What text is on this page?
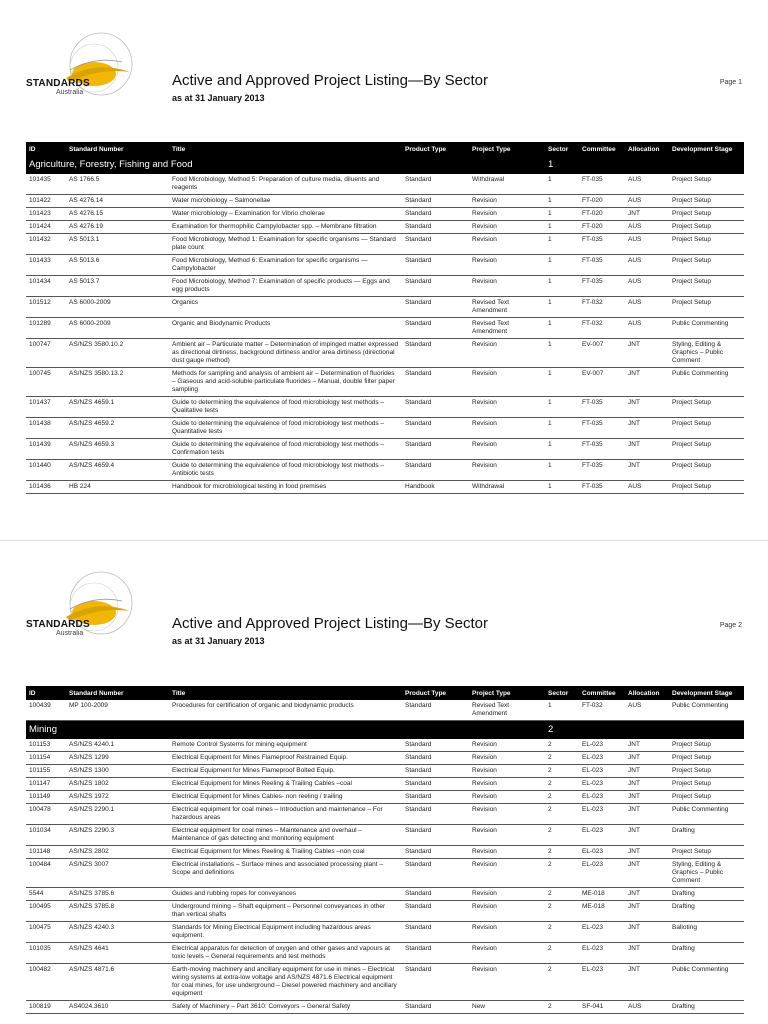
STANDARDS
Australia
Active and Approved Project Listing—By Sector
as at 31 January 2013
Page 1
ID	Standard Number	Title	Product Type	Project Type	Sector	Committee	Allocation	Development Stage
Agriculture, Forestry, Fishing and Food					1			
101435	AS 1766.5	Food Microbiology, Method 5: Preparation of culture media, diluents and reagents	Standard	Withdrawal	1	FT-035	AUS	Project Setup
101422	AS 4276.14	Water microbiology – Salmonellae	Standard	Revision	1	FT-020	AUS	Project Setup
101423	AS 4276.15	Water microbiology – Examination for Vibrio cholerae	Standard	Revision	1	FT-020	JNT	Project Setup
101424	AS 4276.19	Examination for thermophilic Campylobacter spp. – Membrane filtration	Standard	Revision	1	FT-020	AUS	Project Setup
101432	AS 5013.1	Food Microbiology, Method 1: Examination for specific organisms — Standard plate count	Standard	Revision	1	FT-035	AUS	Project Setup
101433	AS 5013.6	Food Microbiology, Method 6: Examination for specific organisms — Campylobacter	Standard	Revision	1	FT-035	AUS	Project Setup
101434	AS 5013.7	Food Microbiology, Method 7: Examination of specific products — Eggs and egg products	Standard	Revision	1	FT-035	AUS	Project Setup
101512	AS 6000-2009	Organics	Standard	Revised Text Amendment	1	FT-032	AUS	Project Setup
101289	AS 6000-2009	Organic and Biodynamic Products	Standard	Revised Text Amendment	1	FT-032	AUS	Public Commenting
100747	AS/NZS 3580.10.2	Ambient air – Particulate matter – Determination of impinged matter expressed as directional dirtiness, background dirtiness and/or area dirtiness (directional dust gauge method)	Standard	Revision	1	EV-007	JNT	Styling, Editing & Graphics – Public Comment
100745	AS/NZS 3580.13.2	Methods for sampling and analysis of ambient air – Determination of fluorides – Gaseous and acid-soluble particulate fluorides – Manual, double filter paper sampling	Standard	Revision	1	EV-007	JNT	Public Commenting
101437	AS/NZS 4659.1	Guide to determining the equivalence of food microbiology test methods – Qualitative tests	Standard	Revision	1	FT-035	JNT	Project Setup
101438	AS/NZS 4659.2	Guide to determining the equivalence of food microbiology test methods – Quantitative tests	Standard	Revision	1	FT-035	JNT	Project Setup
101439	AS/NZS 4659.3	Guide to determining the equivalence of food microbiology test methods – Confirmation tests	Standard	Revision	1	FT-035	JNT	Project Setup
101440	AS/NZS 4659.4	Guide to determining the equivalence of food microbiology test methods – Antibiotic tests	Standard	Revision	1	FT-035	JNT	Project Setup
101436	HB 224	Handbook for microbiological testing in food premises	Handbook	Withdrawal	1	FT-035	AUS	Project Setup
STANDARDS
Australia
Active and Approved Project Listing—By Sector
as at 31 January 2013
Page 2
ID	Standard Number	Title	Product Type	Project Type	Sector	Committee	Allocation	Development Stage
100439	MP 100-2009	Procedures for certification of organic and biodynamic products	Standard	Revised Text Amendment	1	FT-032	AUS	Public Commenting
Mining					2			
101153	AS/NZS 4240.1	Remote Control Systems for mining equipment	Standard	Revision	2	EL-023	JNT	Project Setup
101154	AS/NZS 1299	Electrical Equipment for Mines Flameproof Restrained Equip.	Standard	Revision	2	EL-023	JNT	Project Setup
101155	AS/NZS 1300	Electrical Equipment for Mines Flameproof Bolted Equip.	Standard	Revision	2	EL-023	JNT	Project Setup
101147	AS/NZS 1802	Electrical Equipment for Mines Reeling & Trailing Cables –coal	Standard	Revision	2	EL-023	JNT	Project Setup
101149	AS/NZS 1972	Electrical Equipment for Mines Cables- non reeling / trailing	Standard	Revision	2	EL-023	JNT	Project Setup
100478	AS/NZS 2290.1	Electrical equipment for coal mines – Introduction and maintenance – For hazardous areas	Standard	Revision	2	EL-023	JNT	Public Commenting
101034	AS/NZS 2290.3	Electrical equipment for coal mines – Maintenance and overhaul – Maintenance of gas detecting and monitoring equipment	Standard	Revision	2	EL-023	JNT	Drafting
101148	AS/NZS 2802	Electrical Equipment for Mines Reeling & Trailing Cables –non coal	Standard	Revision	2	EL-023	JNT	Project Setup
100484	AS/NZS 3007	Electrical installations – Surface mines and associated processing plant – Scope and definitions	Standard	Revision	2	EL-023	JNT	Styling, Editing & Graphics – Public Comment
5544	AS/NZS 3785.6	Guides and rubbing ropes for conveyances	Standard	Revision	2	ME-018	JNT	Drafting
100495	AS/NZS 3785.8	Underground mining – Shaft equipment – Personnel conveyances in other than vertical shafts	Standard	Revision	2	ME-018	JNT	Drafting
100475	AS/NZS 4240.3	Standards for Mining Electrical Equipment including hazardous areas equipment.	Standard	Revision	2	EL-023	JNT	Balloting
101035	AS/NZS 4641	Electrical apparatus for detection of oxygen and other gases and vapours at toxic levels – General requirements and test methods	Standard	Revision	2	EL-023	JNT	Drafting
100482	AS/NZS 4871.6	Earth-moving machinery and ancillary equipment for use in mines – Electrical wiring systems at extra-low voltage and AS/NZS 4871.6 Electrical equipment for coal mines, for use underground – Diesel powered machinery and ancillary equipment	Standard	Revision	2	EL-023	JNT	Public Commenting
100819	AS4024.3610	Safety of Machinery – Part 3610: Conveyors – General Safety	Standard	New	2	SF-041	AUS	Drafting
